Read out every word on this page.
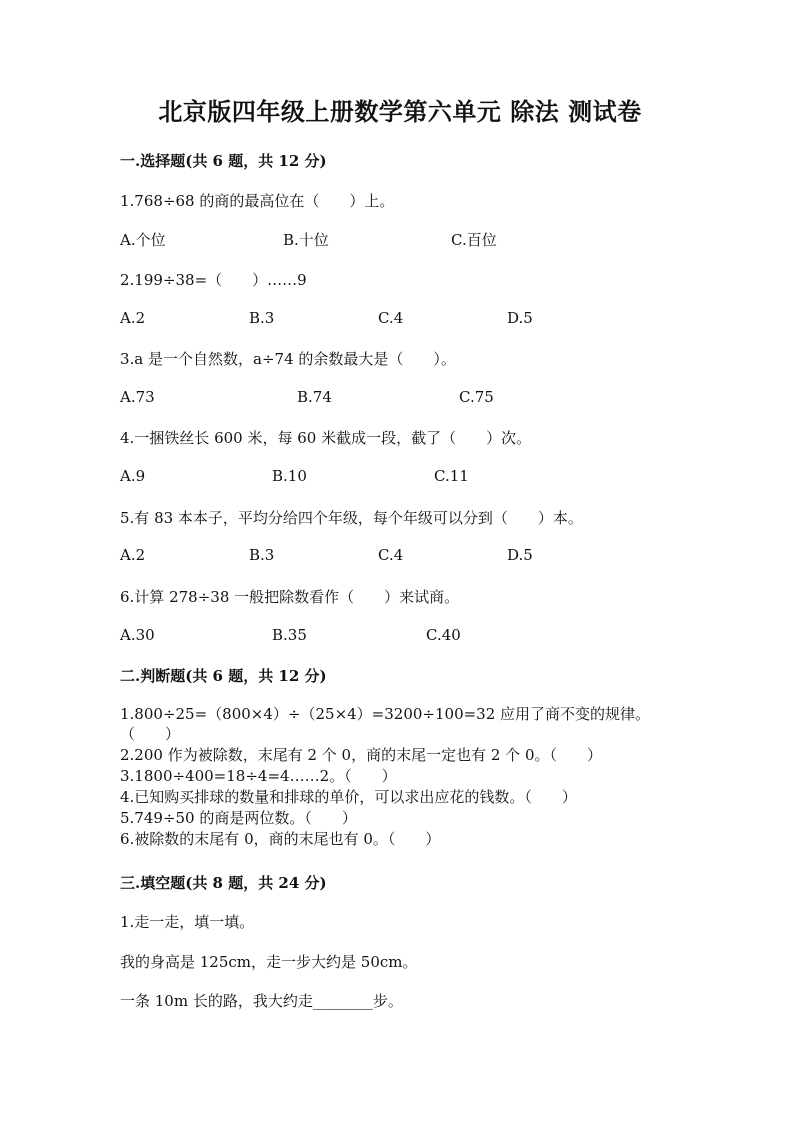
北京版四年级上册数学第六单元 除法 测试卷
一.选择题(共 6 题，共 12 分)
1.768÷68 的商的最高位在（　　）上。
A.个位	B.十位	C.百位
2.199÷38=（　　）……9
A.2	B.3	C.4	D.5
3.a 是一个自然数，a÷74 的余数最大是（　　）。
A.73	B.74	C.75
4.一捆铁丝长 600 米，每 60 米截成一段，截了（　　）次。
A.9	B.10	C.11
5.有 83 本本子，平均分给四个年级，每个年级可以分到（　　）本。
A.2	B.3	C.4	D.5
6.计算 278÷38 一般把除数看作（　　）来试商。
A.30	B.35	C.40
二.判断题(共 6 题，共 12 分)
1.800÷25=（800×4）÷（25×4）=3200÷100=32 应用了商不变的规律。
（　　）
2.200 作为被除数，末尾有 2 个 0，商的末尾一定也有 2 个 0。（　　）
3.1800÷400=18÷4=4……2。（　　）
4.已知购买排球的数量和排球的单价，可以求出应花的钱数。（　　）
5.749÷50 的商是两位数。（　　）
6.被除数的末尾有 0，商的末尾也有 0。（　　）
三.填空题(共 8 题，共 24 分)
1.走一走，填一填。
我的身高是 125cm，走一步大约是 50cm。
一条 10m 长的路，我大约走________步。
